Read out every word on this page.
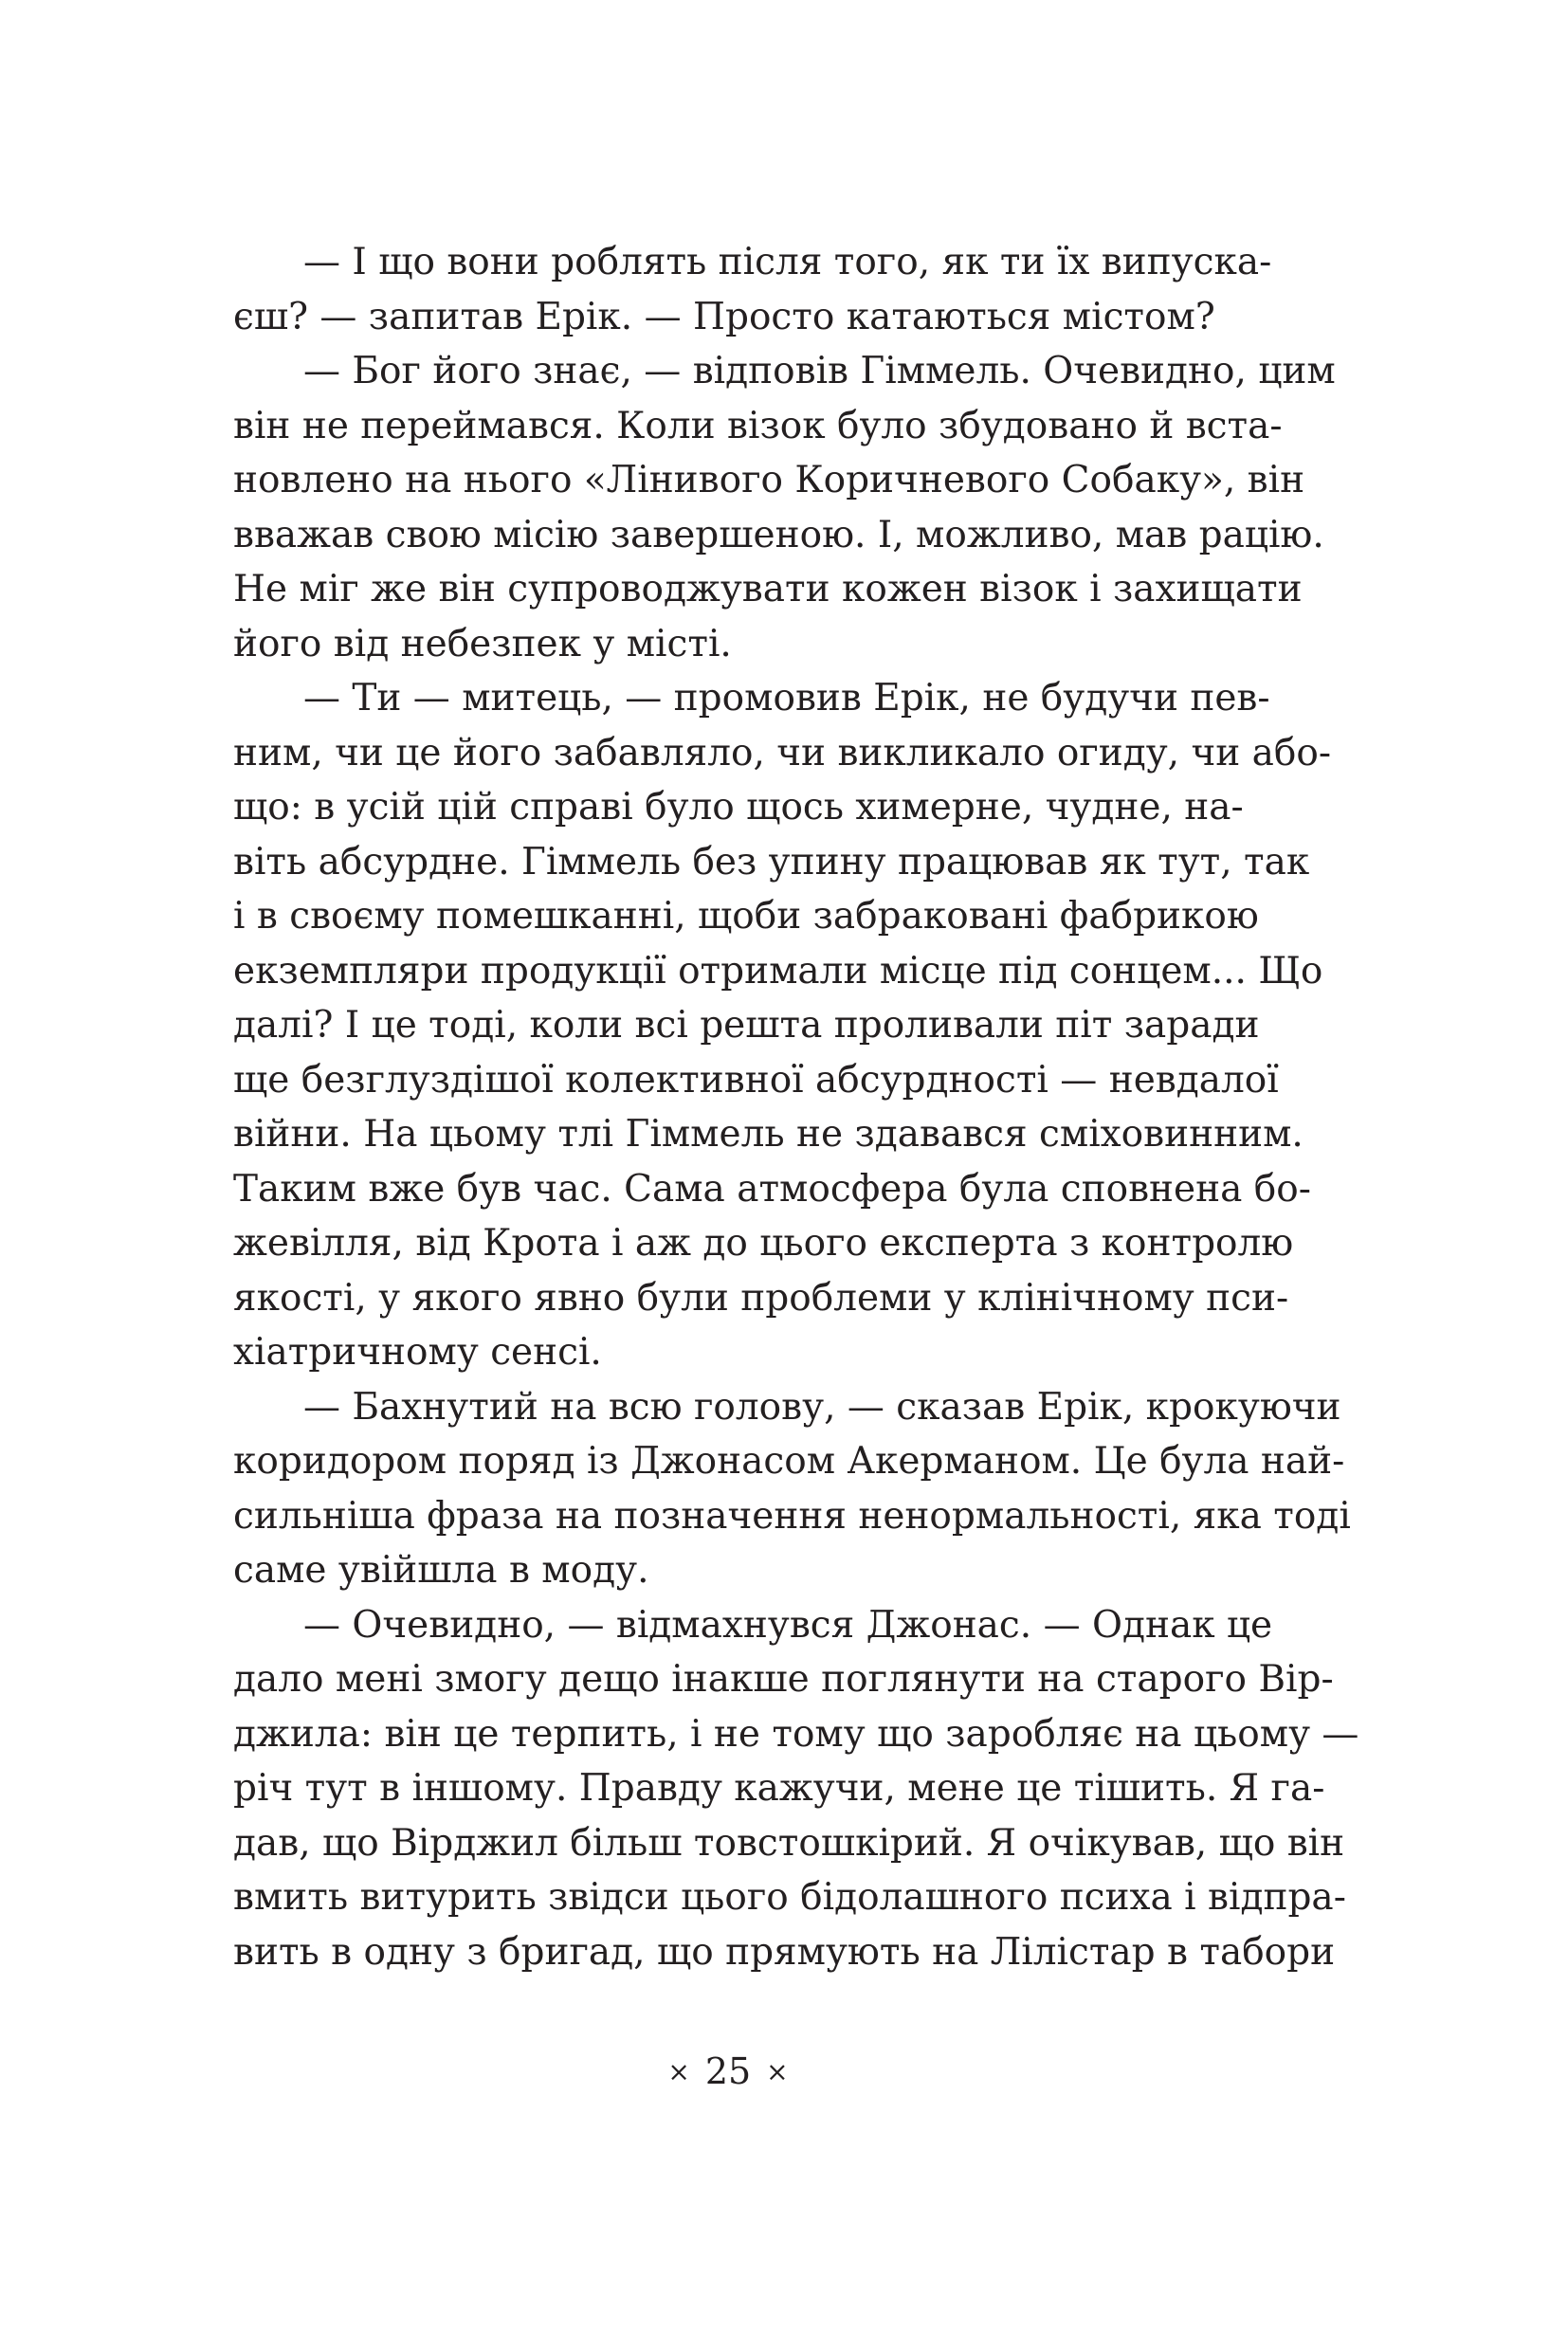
— І що вони роблять після того, як ти їх випуска-
єш? — запитав Ерік. — Просто катаються містом?
— Бог його знає, — відповів Гіммель. Очевидно, цим
він не переймався. Коли візок було збудовано й вста-
новлено на нього «Лінивого Коричневого Собаку», він
вважав свою місію завершеною. І, можливо, мав рацію.
Не міг же він супроводжувати кожен візок і захищати
його від небезпек у місті.
— Ти — митець, — промовив Ерік, не будучи пев-
ним, чи це його забавляло, чи викликало огиду, чи або-
що: в усій цій справі було щось химерне, чудне, на-
віть абсурдне. Гіммель без упину працював як тут, так
і в своєму помешканні, щоби забраковані фабрикою
екземпляри продукції отримали місце під сонцем... Що
далі? І це тоді, коли всі решта проливали піт заради
ще безглуздішої колективної абсурдності — невдалої
війни. На цьому тлі Гіммель не здавався сміховинним.
Таким вже був час. Сама атмосфера була сповнена бо-
жевілля, від Крота і аж до цього експерта з контролю
якості, у якого явно були проблеми у клінічному пси-
хіатричному сенсі.
— Бахнутий на всю голову, — сказав Ерік, крокуючи
коридором поряд із Джонасом Акерманом. Це була най-
сильніша фраза на позначення ненормальності, яка тоді
саме увійшла в моду.
— Очевидно, — відмахнувся Джонас. — Однак це
дало мені змогу дещо інакше поглянути на старого Вір-
джила: він це терпить, і не тому що заробляє на цьому —
річ тут в іншому. Правду кажучи, мене це тішить. Я га-
дав, що Вірджил більш товстошкірий. Я очікував, що він
вмить витурить звідси цього бідолашного психа і відпра-
вить в одну з бригад, що прямують на Лілістар в табори
× 25 ×
